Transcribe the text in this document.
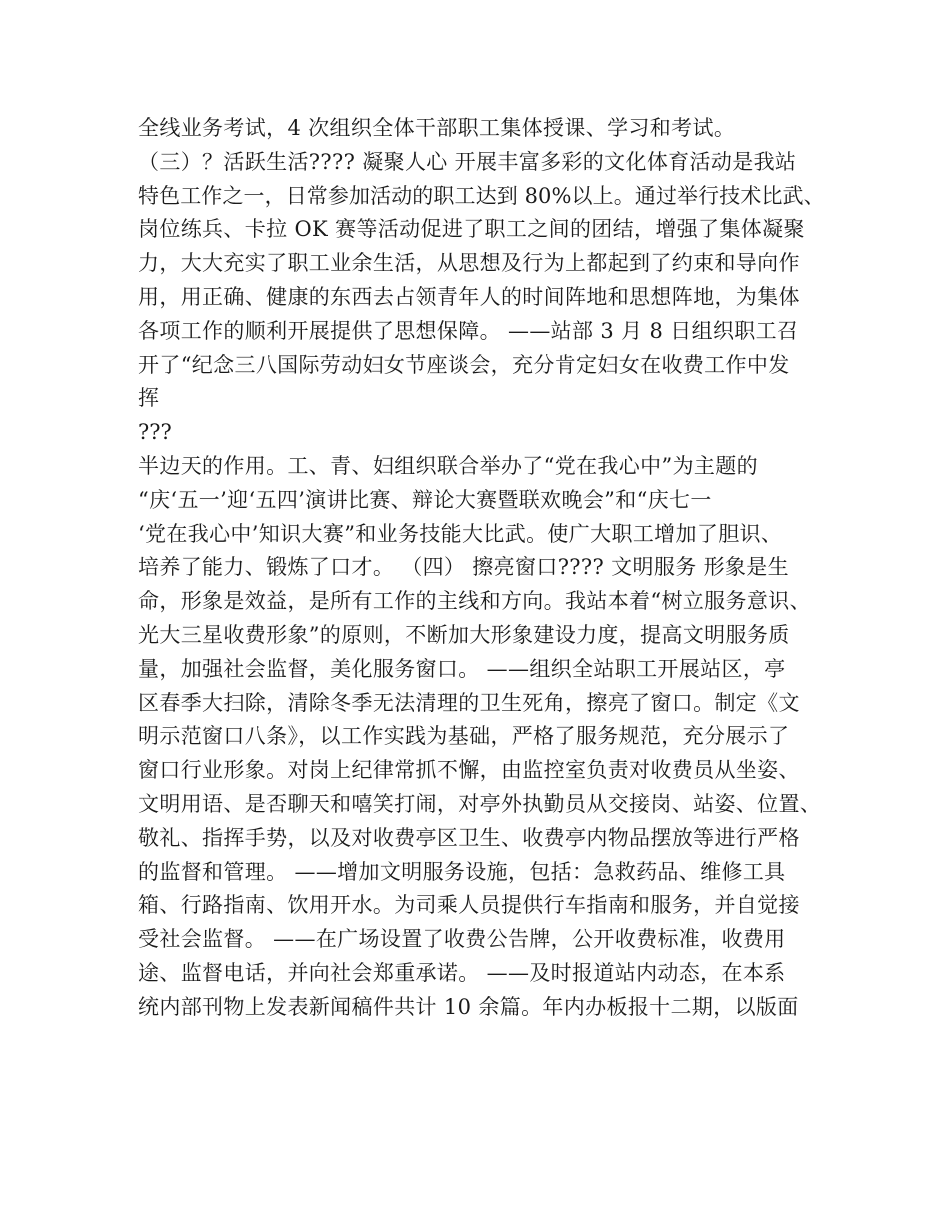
全线业务考试，4 次组织全体干部职工集体授课、学习和考试。
（三）？活跃生活???? 凝聚人心 开展丰富多彩的文化体育活动是我站
特色工作之一，日常参加活动的职工达到 80%以上。通过举行技术比武、
岗位练兵、卡拉 OK 赛等活动促进了职工之间的团结，增强了集体凝聚
力，大大充实了职工业余生活，从思想及行为上都起到了约束和导向作
用，用正确、健康的东西去占领青年人的时间阵地和思想阵地，为集体
各项工作的顺利开展提供了思想保障。 ——站部 3 月 8 日组织职工召
开了“纪念三八国际劳动妇女节座谈会，充分肯定妇女在收费工作中发
挥
???
半边天的作用。工、青、妇组织联合举办了“党在我心中”为主题的
“庆‘五一’迎‘五四’演讲比赛、辩论大赛暨联欢晚会”和“庆七一
‘党在我心中’知识大赛”和业务技能大比武。使广大职工增加了胆识、
培养了能力、锻炼了口才。 （四） 擦亮窗口???? 文明服务 形象是生
命，形象是效益，是所有工作的主线和方向。我站本着“树立服务意识、
光大三星收费形象”的原则，不断加大形象建设力度，提高文明服务质
量，加强社会监督，美化服务窗口。 ——组织全站职工开展站区，亭
区春季大扫除，清除冬季无法清理的卫生死角，擦亮了窗口。制定《文
明示范窗口八条》，以工作实践为基础，严格了服务规范，充分展示了
窗口行业形象。对岗上纪律常抓不懈，由监控室负责对收费员从坐姿、
文明用语、是否聊天和嘻笑打闹，对亭外执勤员从交接岗、站姿、位置、
敬礼、指挥手势，以及对收费亭区卫生、收费亭内物品摆放等进行严格
的监督和管理。 ——增加文明服务设施，包括：急救药品、维修工具
箱、行路指南、饮用开水。为司乘人员提供行车指南和服务，并自觉接
受社会监督。 ——在广场设置了收费公告牌，公开收费标准，收费用
途、监督电话，并向社会郑重承诺。 ——及时报道站内动态，在本系
统内部刊物上发表新闻稿件共计 10 余篇。年内办板报十二期，以版面
